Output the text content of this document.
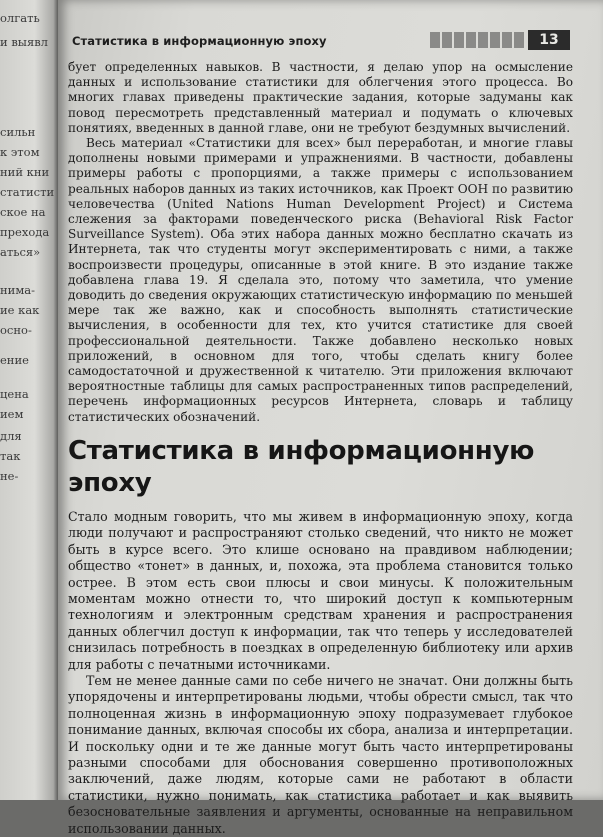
олгать
и выявл
сильн
к этом
ний кни
статисти
ское на
прехода
аться»
нима-
ие как
осно-
ение
цена
ием
для
так
не-
Статистика в информационную эпоху	13

бует определенных навыков. В частности, я делаю упор на осмысление данных и использование статистики для облегчения этого процесса. Во многих главах приведены практические задания, которые задуманы как повод пересмотреть представленный материал и подумать о ключевых понятиях, введенных в данной главе, они не требуют бездумных вычислений.

Весь материал «Статистики для всех» был переработан, и многие главы дополнены новыми примерами и упражнениями. В частности, добавлены примеры работы с пропорциями, а также примеры с использованием реальных наборов данных из таких источников, как Проект ООН по развитию человечества (United Nations Human Development Project) и Система слежения за факторами поведенческого риска (Behavioral Risk Factor Surveillance System). Оба этих набора данных можно бесплатно скачать из Интернета, так что студенты могут экспериментировать с ними, а также воспроизвести процедуры, описанные в этой книге. В это издание также добавлена глава 19. Я сделала это, потому что заметила, что умение доводить до сведения окружающих статистическую информацию по меньшей мере так же важно, как и способность выполнять статистические вычисления, в особенности для тех, кто учится статистике для своей профессиональной деятельности. Также добавлено несколько новых приложений, в основном для того, чтобы сделать книгу более самодостаточной и дружественной к читателю. Эти приложения включают вероятностные таблицы для самых распространенных типов распределений, перечень информационных ресурсов Интернета, словарь и таблицу статистических обозначений.

Статистика в информационную эпоху

Стало модным говорить, что мы живем в информационную эпоху, когда люди получают и распространяют столько сведений, что никто не может быть в курсе всего. Это клише основано на правдивом наблюдении; общество «тонет» в данных, и, похожа, эта проблема становится только острее. В этом есть свои плюсы и свои минусы. К положительным моментам можно отнести то, что широкий доступ к компьютерным технологиям и электронным средствам хранения и распространения данных облегчил доступ к информации, так что теперь у исследователей снизилась потребность в поездках в определенную библиотеку или архив для работы с печатными источниками.

Тем не менее данные сами по себе ничего не значат. Они должны быть упорядочены и интерпретированы людьми, чтобы обрести смысл, так что полноценная жизнь в информационную эпоху подразумевает глубокое понимание данных, включая способы их сбора, анализа и интерпретации. И поскольку одни и те же данные могут быть часто интерпретированы разными способами для обоснования совершенно противоположных заключений, даже людям, которые сами не работают в области статистики, нужно понимать, как статистика работает и как выявить безосновательные заявления и аргументы, основанные на неправильном использовании данных.
